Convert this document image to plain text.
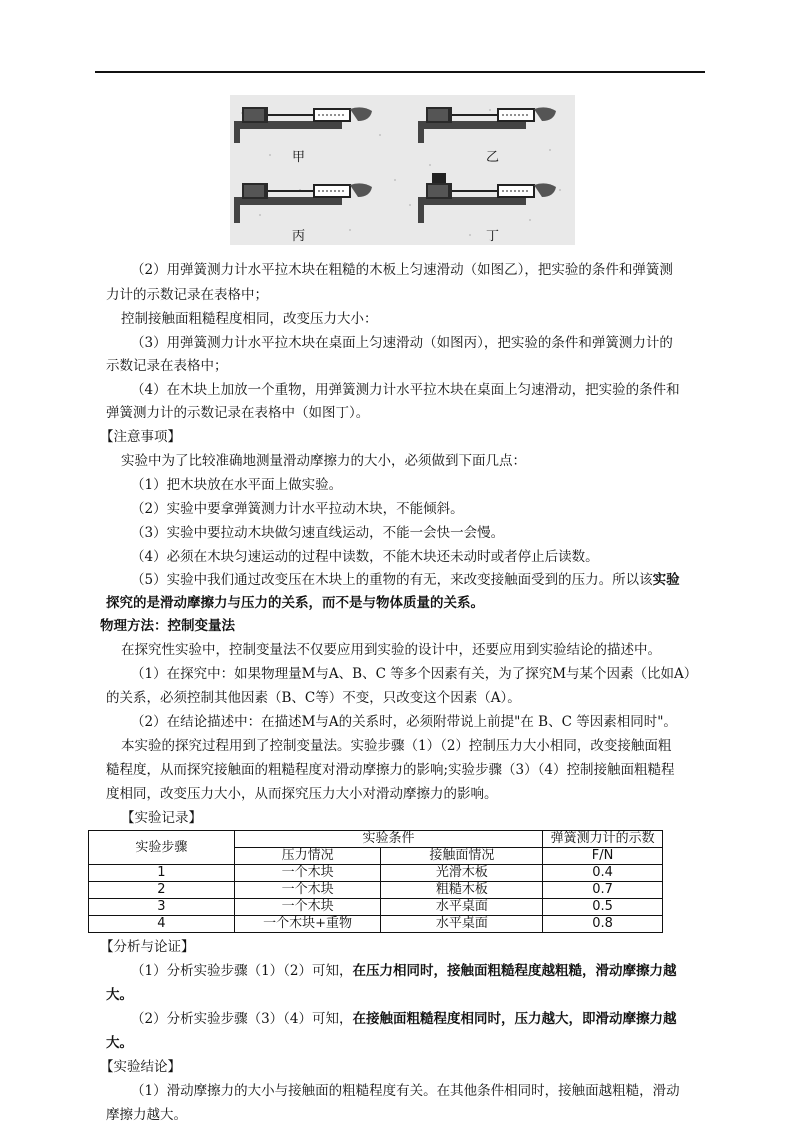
甲	乙
丙	丁
（2）用弹簧测力计水平拉木块在粗糙的木板上匀速滑动（如图乙），把实验的条件和弹簧测
力计的示数记录在表格中；
控制接触面粗糙程度相同，改变压力大小：
（3）用弹簧测力计水平拉木块在桌面上匀速滑动（如图丙），把实验的条件和弹簧测力计的
示数记录在表格中；
（4）在木块上加放一个重物，用弹簧测力计水平拉木块在桌面上匀速滑动，把实验的条件和
弹簧测力计的示数记录在表格中（如图丁）。
【注意事项】
实验中为了比较准确地测量滑动摩擦力的大小，必须做到下面几点：
（1）把木块放在水平面上做实验。
（2）实验中要拿弹簧测力计水平拉动木块，不能倾斜。
（3）实验中要拉动木块做匀速直线运动，不能一会快一会慢。
（4）必须在木块匀速运动的过程中读数，不能木块还未动时或者停止后读数。
（5）实验中我们通过改变压在木块上的重物的有无，来改变接触面受到的压力。所以该实验
探究的是滑动摩擦力与压力的关系，而不是与物体质量的关系。
物理方法：控制变量法
在探究性实验中，控制变量法不仅要应用到实验的设计中，还要应用到实验结论的描述中。
（1）在探究中：如果物理量M与A、B、C 等多个因素有关，为了探究M与某个因素（比如A）
的关系，必须控制其他因素（B、C等）不变，只改变这个因素（A）。
（2）在结论描述中：在描述M与A的关系时，必须附带说上前提"在 B、C 等因素相同时"。
本实验的探究过程用到了控制变量法。实验步骤（1）（2）控制压力大小相同，改变接触面粗
糙程度，从而探究接触面的粗糙程度对滑动摩擦力的影响;实验步骤（3）（4）控制接触面粗糙程
度相同，改变压力大小，从而探究压力大小对滑动摩擦力的影响。
【实验记录】
实验步骤	实验条件		弹簧测力计的示数
	压力情况	接触面情况	F/N
1	一个木块	光滑木板	0.4
2	一个木块	粗糙木板	0.7
3	一个木块	水平桌面	0.5
4	一个木块+重物	水平桌面	0.8
【分析与论证】
（1）分析实验步骤（1）（2）可知，在压力相同时，接触面粗糙程度越粗糙，滑动摩擦力越
大。
（2）分析实验步骤（3）（4）可知，在接触面粗糙程度相同时，压力越大，即滑动摩擦力越
大。
【实验结论】
（1）滑动摩擦力的大小与接触面的粗糙程度有关。在其他条件相同时，接触面越粗糙，滑动
摩擦力越大。
